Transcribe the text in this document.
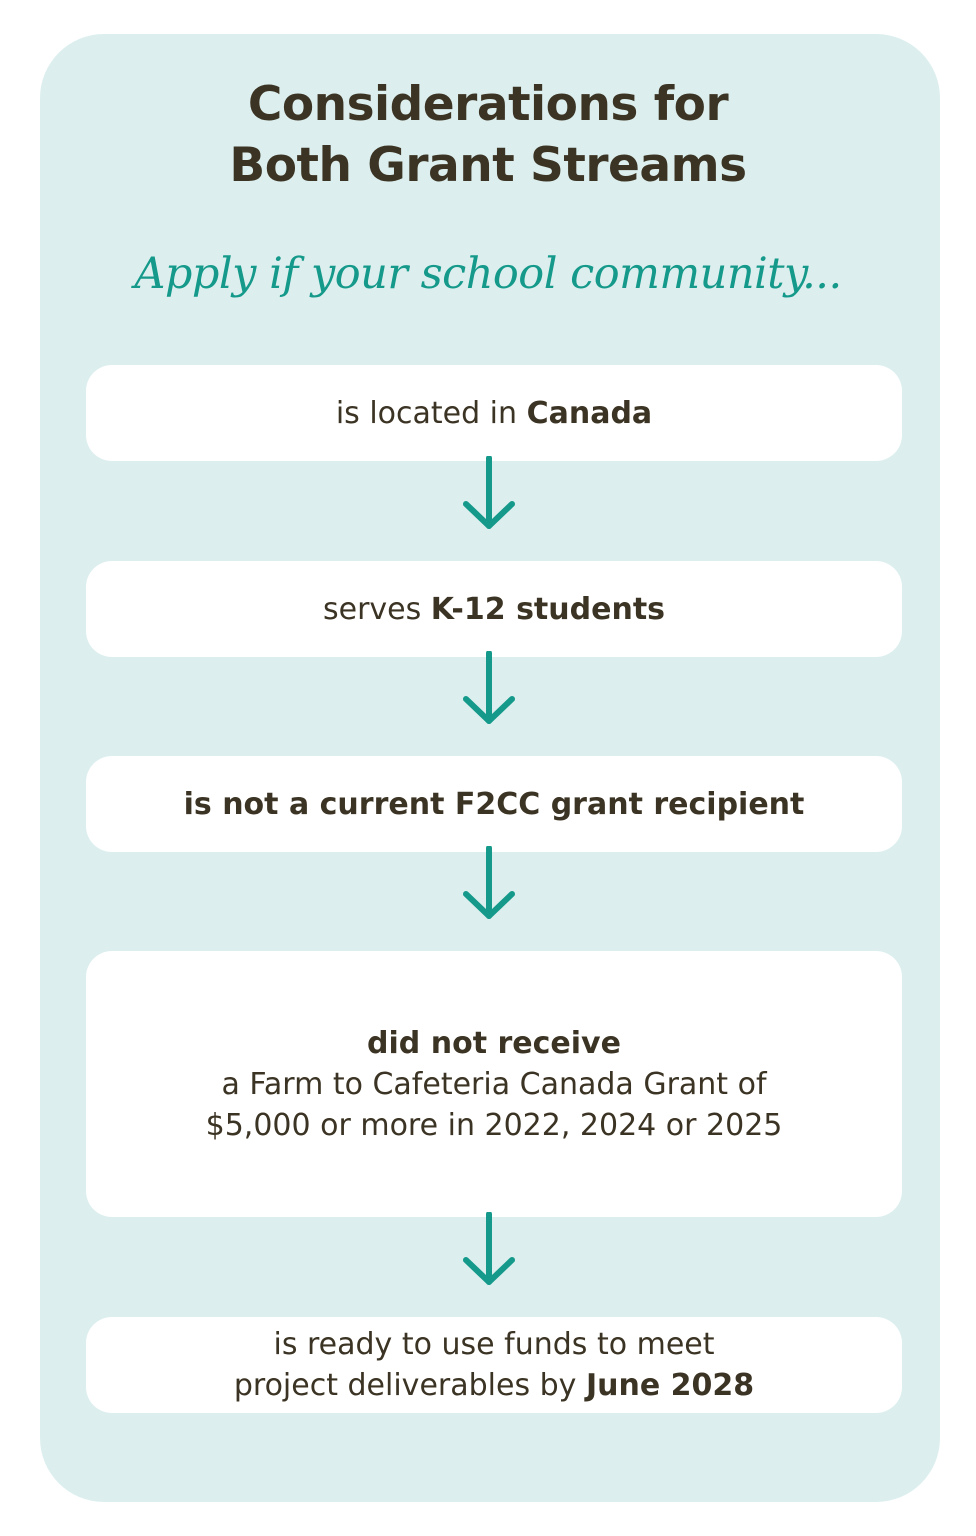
Considerations for
Both Grant Streams
Apply if your school community...
is located in Canada
serves K-12 students
is not a current F2CC grant recipient
did not receive
a Farm to Cafeteria Canada Grant of
$5,000 or more in 2022, 2024 or 2025
is ready to use funds to meet
project deliverables by June 2028
